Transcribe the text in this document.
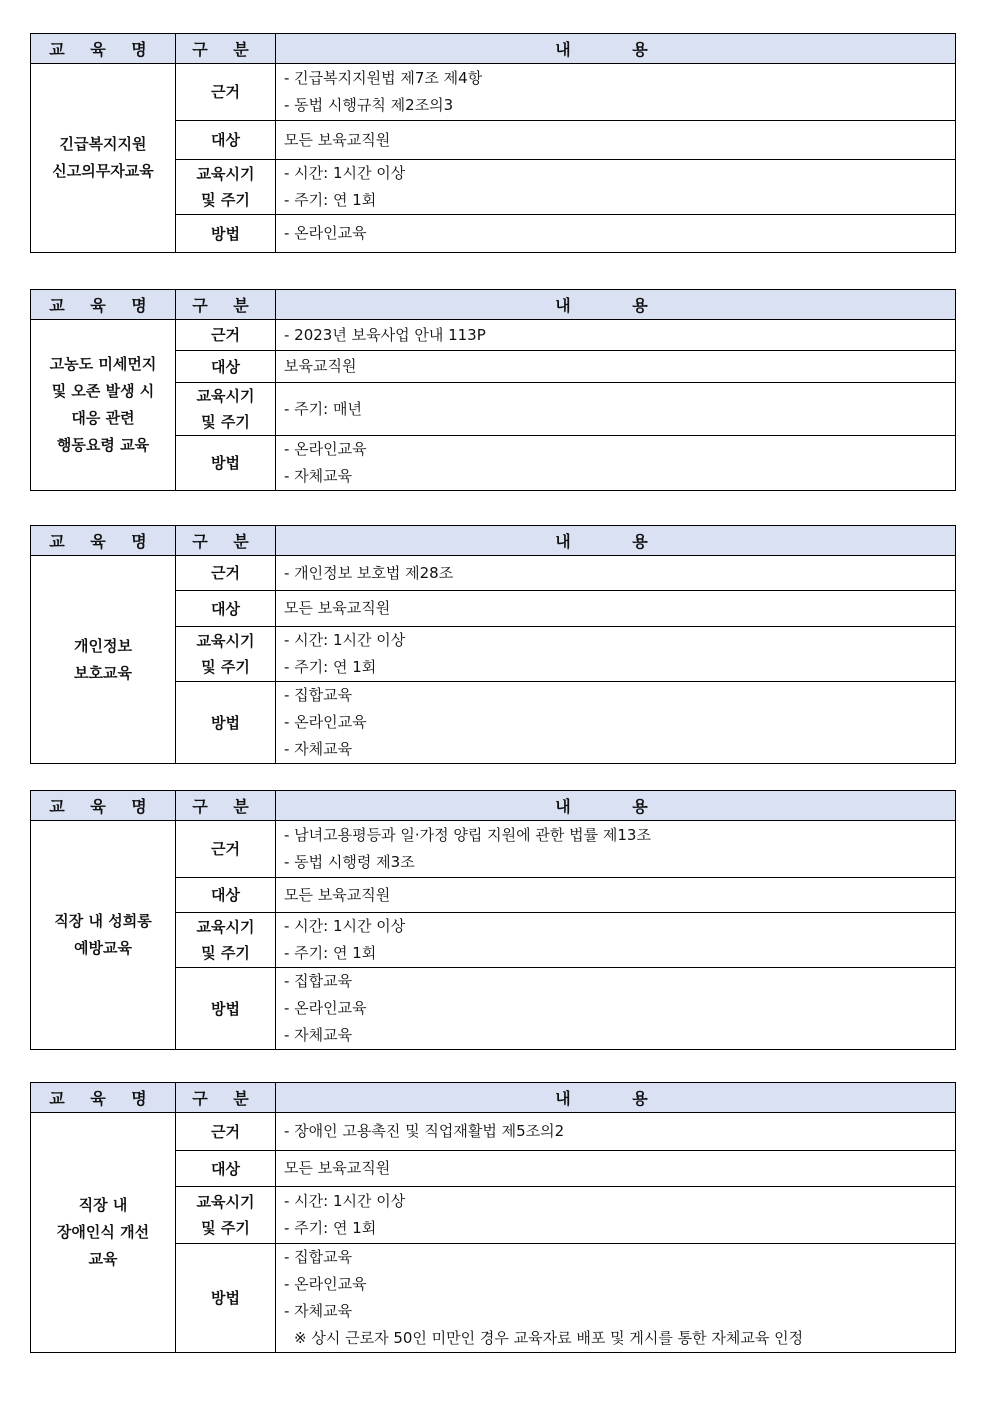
교 육 명	구 분	내 용

긴급복지지원
신고의무자교육	근거	- 긴급복지지원법 제7조 제4항
- 동법 시행규칙 제2조의3

	대상	모든 보육교직원

	교육시기
및 주기	- 시간: 1시간 이상
- 주기: 연 1회

	방법	- 온라인교육
교 육 명	구 분	내 용

고농도 미세먼지
및 오존 발생 시
대응 관련
행동요령 교육	근거	- 2023년 보육사업 안내 113P

	대상	보육교직원

	교육시기
및 주기	- 주기: 매년

	방법	- 온라인교육
- 자체교육
교 육 명	구 분	내 용

개인정보
보호교육	근거	- 개인정보 보호법 제28조

	대상	모든 보육교직원

	교육시기
및 주기	- 시간: 1시간 이상
- 주기: 연 1회

	방법	- 집합교육
- 온라인교육
- 자체교육
교 육 명	구 분	내 용

직장 내 성희롱
예방교육	근거	- 남녀고용평등과 일·가정 양립 지원에 관한 법률 제13조
- 동법 시행령 제3조

	대상	모든 보육교직원

	교육시기
및 주기	- 시간: 1시간 이상
- 주기: 연 1회

	방법	- 집합교육
- 온라인교육
- 자체교육
교 육 명	구 분	내 용

직장 내
장애인식 개선
교육	근거	- 장애인 고용촉진 및 직업재활법 제5조의2

	대상	모든 보육교직원

	교육시기
및 주기	- 시간: 1시간 이상
- 주기: 연 1회

	방법	- 집합교육
- 온라인교육
- 자체교육
※ 상시 근로자 50인 미만인 경우 교육자료 배포 및 게시를 통한 자체교육 인정
